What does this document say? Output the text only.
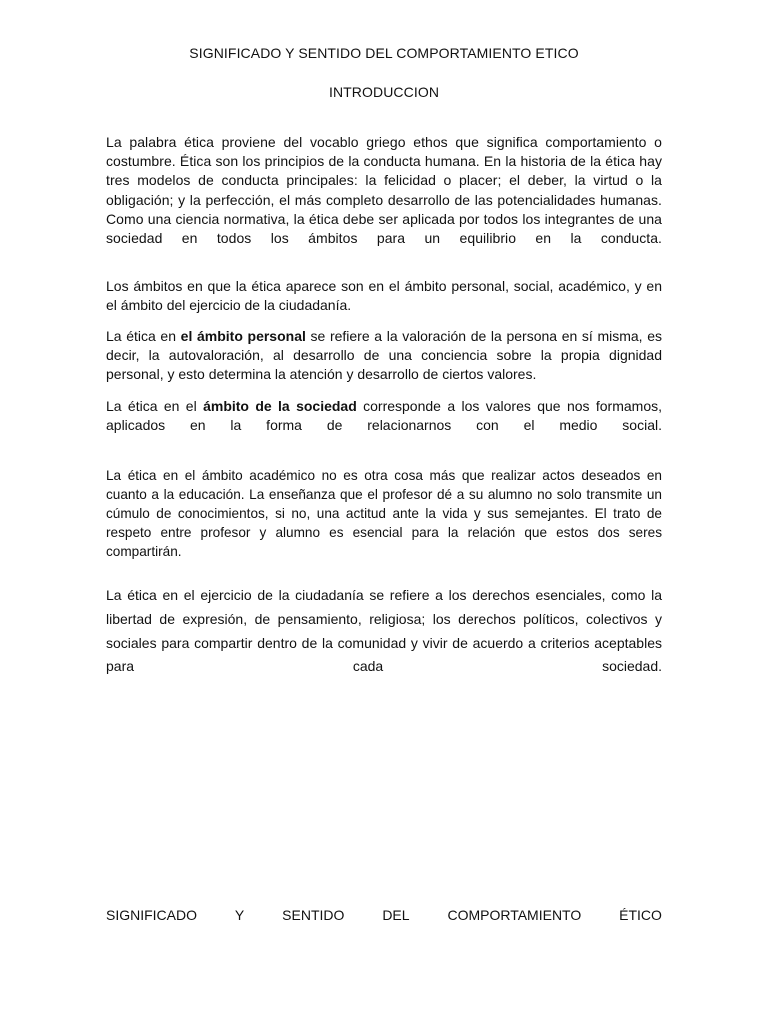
SIGNIFICADO Y SENTIDO DEL COMPORTAMIENTO ETICO
INTRODUCCION

La palabra ética proviene del vocablo griego ethos que significa comportamiento o costumbre. Ética son los principios de la conducta humana. En la historia de la ética hay tres modelos de conducta principales: la felicidad o placer; el deber, la virtud o la obligación; y la perfección, el más completo desarrollo de las potencialidades humanas. Como una ciencia normativa, la ética debe ser aplicada por todos los integrantes de una sociedad en todos los ámbitos para un equilibrio en la conducta.

Los ámbitos en que la ética aparece son en el ámbito personal, social, académico, y en el ámbito del ejercicio de la ciudadanía.

La ética en el ámbito personal se refiere a la valoración de la persona en sí misma, es decir, la autovaloración, al desarrollo de una conciencia sobre la propia dignidad personal, y esto determina la atención y desarrollo de ciertos valores.

La ética en el ámbito de la sociedad corresponde a los valores que nos formamos, aplicados en la forma de relacionarnos con el medio social.

La ética en el ámbito académico no es otra cosa más que realizar actos deseados en cuanto a la educación. La enseñanza que el profesor dé a su alumno no solo transmite un cúmulo de conocimientos, si no, una actitud ante la vida y sus semejantes. El trato de respeto entre profesor y alumno es esencial para la relación que estos dos seres compartirán.

La ética en el ejercicio de la ciudadanía se refiere a los derechos esenciales, como la libertad de expresión, de pensamiento, religiosa; los derechos políticos, colectivos y sociales para compartir dentro de la comunidad y vivir de acuerdo a criterios aceptables para cada sociedad.

SIGNIFICADO	Y	SENTIDO	DEL	COMPORTAMIENTO	ÉTICO
